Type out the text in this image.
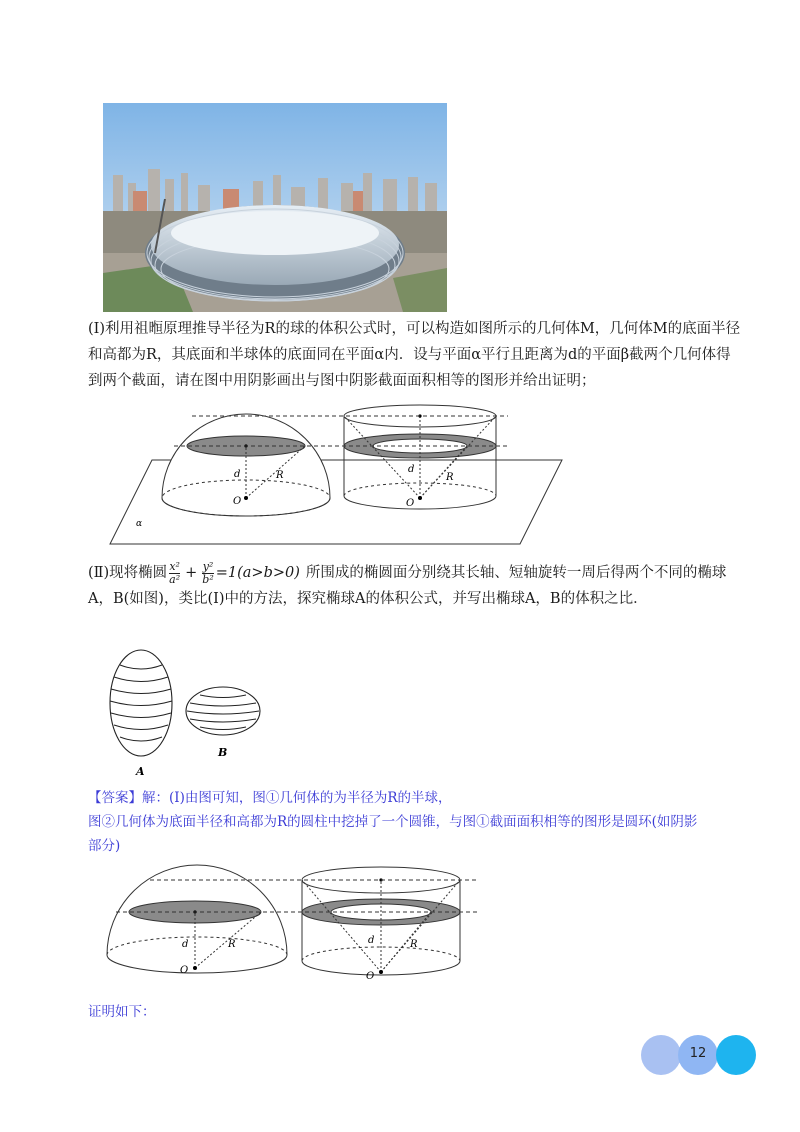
(Ⅰ)利用祖暅原理推导半径为R的球的体积公式时，可以构造如图所示的几何体M，几何体M的底面半径
和高都为R，其底面和半球体的底面同在平面α内．设与平面α平行且距离为d的平面β截两个几何体得
到两个截面，请在图中用阴影画出与图中阴影截面面积相等的图形并给出证明；
α
d	R
O
d
R
O
(Ⅱ)现将椭圆 x²
$a^2 + \frac{\text{y²}}{\text{b²}} =1(a>b>0)$ 所围成的椭圆面分别绕其长轴、短轴旋转一周后得两个不同的椭球
A，B(如图)，类比(Ⅰ)中的方法，探究椭球A的体积公式，并写出椭球A，B的体积之比．
A
B
【答案】解：(Ⅰ)由图可知，图①几何体的为半径为R的半球，
图②几何体为底面半径和高都为R的圆柱中挖掉了一个圆锥，与图①截面面积相等的图形是圆环(如阴影
部分)
d	R
O
d	R
O
证明如下：
12
